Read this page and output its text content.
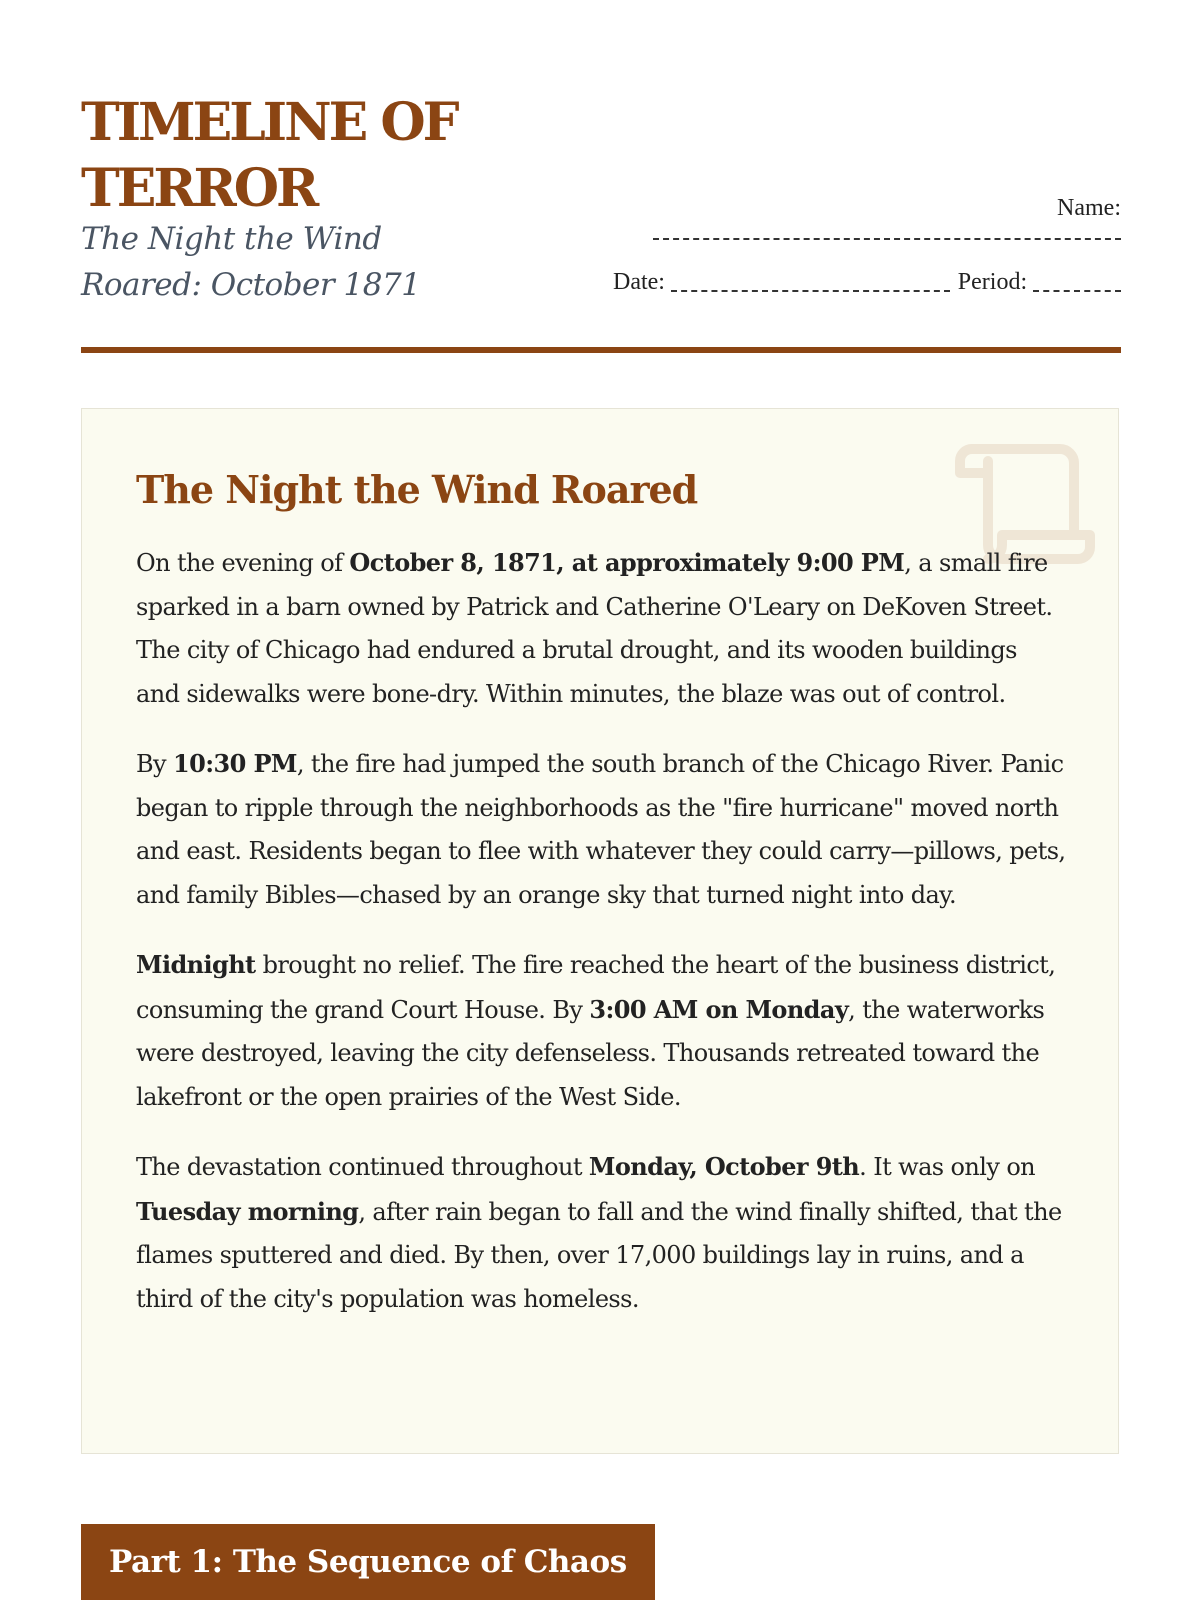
TIMELINE OF TERROR
The Night the Wind Roared: October 1871
Name:
Date:	Period:
The Night the Wind Roared

On the evening of October 8, 1871, at approximately 9:00 PM, a small fire sparked in a barn owned by Patrick and Catherine O'Leary on DeKoven Street. The city of Chicago had endured a brutal drought, and its wooden buildings and sidewalks were bone-dry. Within minutes, the blaze was out of control.

By 10:30 PM, the fire had jumped the south branch of the Chicago River. Panic began to ripple through the neighborhoods as the "fire hurricane" moved north and east. Residents began to flee with whatever they could carry—pillows, pets, and family Bibles—chased by an orange sky that turned night into day.

Midnight brought no relief. The fire reached the heart of the business district, consuming the grand Court House. By 3:00 AM on Monday, the waterworks were destroyed, leaving the city defenseless. Thousands retreated toward the lakefront or the open prairies of the West Side.

The devastation continued throughout Monday, October 9th. It was only on Tuesday morning, after rain began to fall and the wind finally shifted, that the flames sputtered and died. By then, over 17,000 buildings lay in ruins, and a third of the city's population was homeless.

Part 1: The Sequence of Chaos
